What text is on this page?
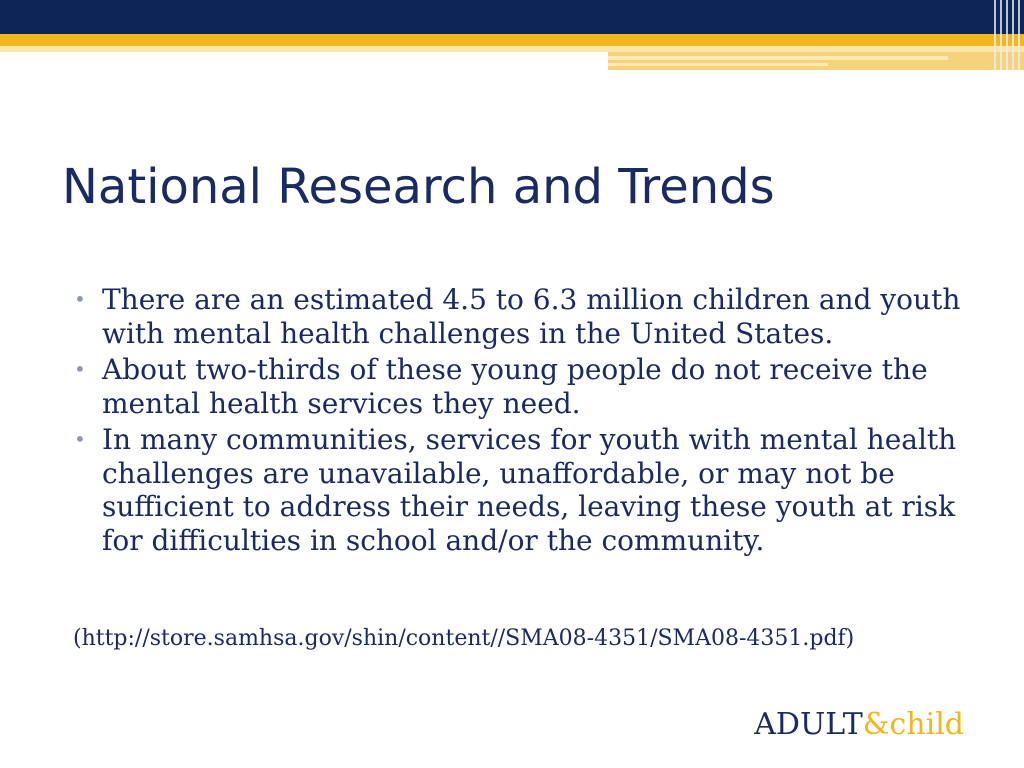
National Research and Trends
• There are an estimated 4.5 to 6.3 million children and youth with mental health challenges in the United States.
• About two-thirds of these young people do not receive the mental health services they need.
• In many communities, services for youth with mental health challenges are unavailable, unaffordable, or may not be sufficient to address their needs, leaving these youth at risk for difficulties in school and/or the community.

(http://store.samhsa.gov/shin/content//SMA08-4351/SMA08-4351.pdf)

ADULT&child
